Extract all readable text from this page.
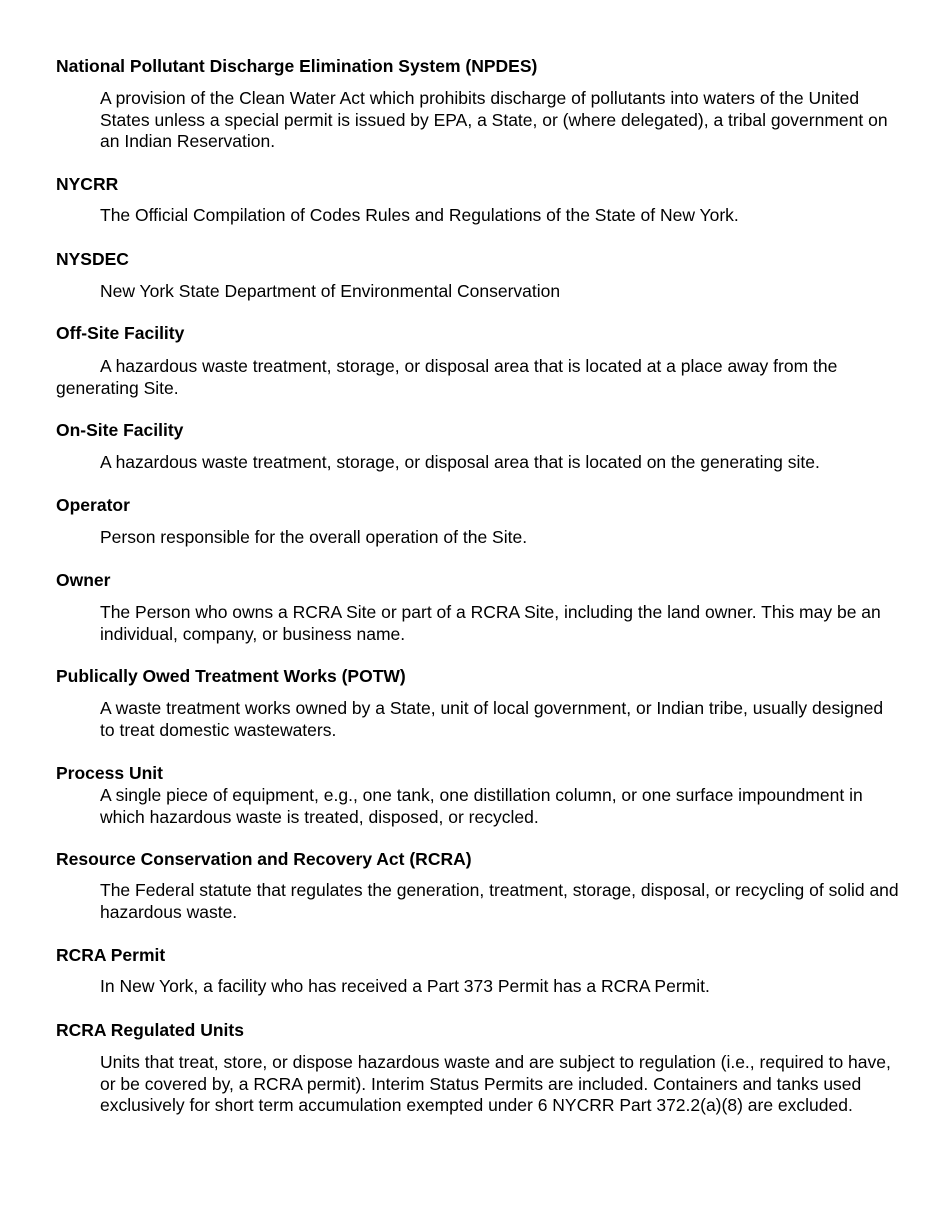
National Pollutant Discharge Elimination System (NPDES)
A provision of the Clean Water Act which prohibits discharge of pollutants into waters of the United States unless a special permit is issued by EPA, a State, or (where delegated), a tribal government on an Indian Reservation.
NYCRR
The Official Compilation of Codes Rules and Regulations of the State of New York.
NYSDEC
New York State Department of Environmental Conservation
Off-Site Facility
A hazardous waste treatment, storage, or disposal area that is located at a place away from the generating Site.
On-Site Facility
A hazardous waste treatment, storage, or disposal area that is located on the generating site.
Operator
Person responsible for the overall operation of the Site.
Owner
The Person who owns a RCRA Site or part of a RCRA Site, including the land owner. This may be an individual, company, or business name.
Publically Owed Treatment Works (POTW)
A waste treatment works owned by a State, unit of local government, or Indian tribe, usually designed to treat domestic wastewaters.
Process Unit
A single piece of equipment, e.g., one tank, one distillation column, or one surface impoundment in which hazardous waste is treated, disposed, or recycled.
Resource Conservation and Recovery Act (RCRA)
The Federal statute that regulates the generation, treatment, storage, disposal, or recycling of solid and hazardous waste.
RCRA Permit
In New York, a facility who has received a Part 373 Permit has a RCRA Permit.
RCRA Regulated Units
Units that treat, store, or dispose hazardous waste and are subject to regulation (i.e., required to have, or be covered by, a RCRA permit). Interim Status Permits are included. Containers and tanks used exclusively for short term accumulation exempted under 6 NYCRR Part 372.2(a)(8) are excluded.
